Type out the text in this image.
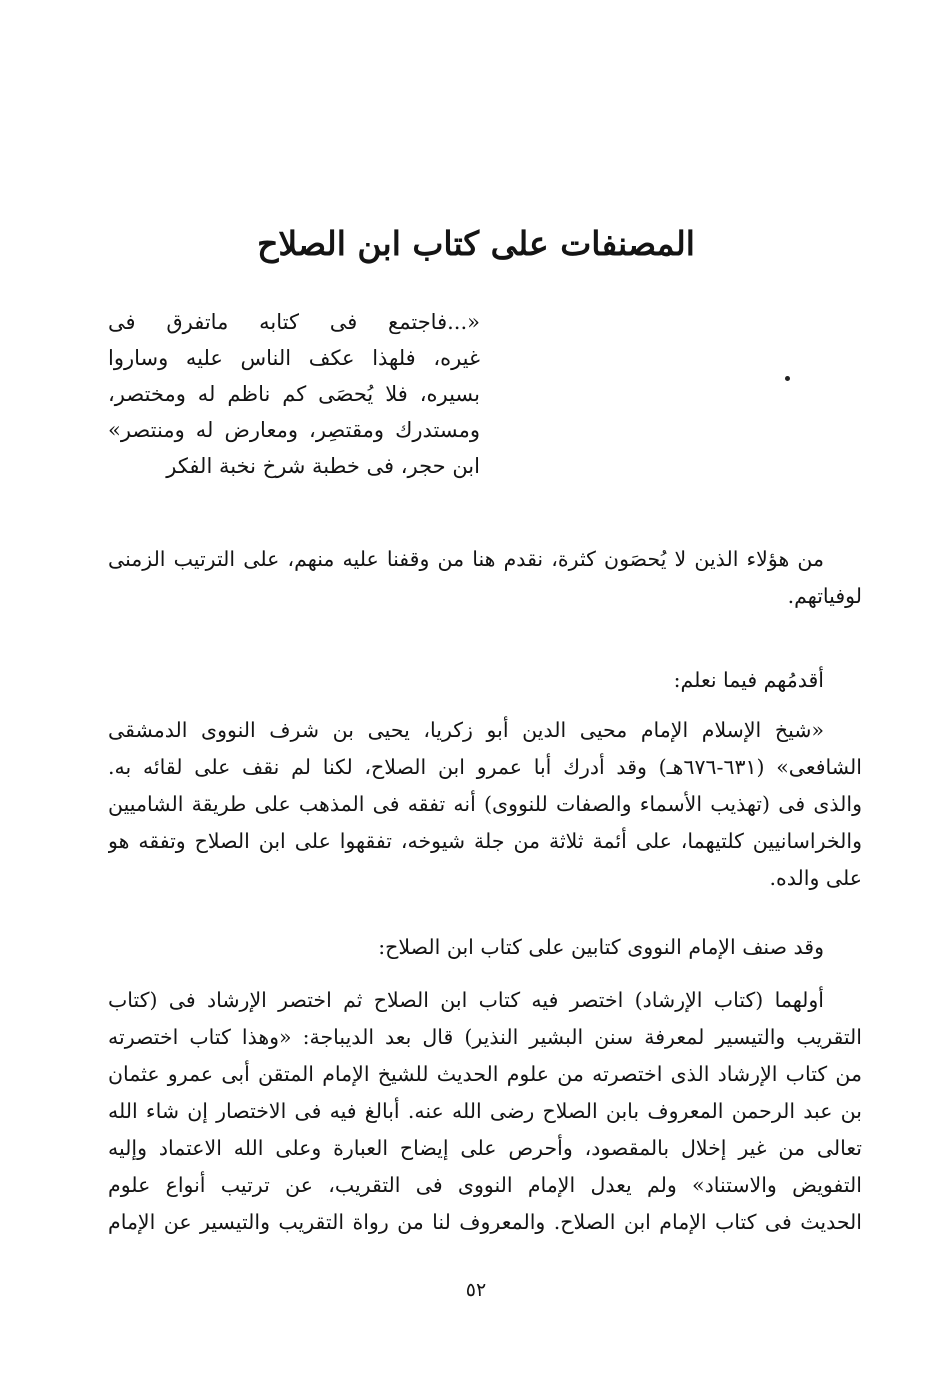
المصنفات على كتاب ابن الصلاح
«...فاجتمع فى كتابه ماتفرق فى
غيره، فلهذا عكف الناس عليه وساروا
بسيره، فلا يُحصَى كم ناظم له ومختصر،
ومستدرك ومقتصِر، ومعارض له ومنتصر»
ابن حجر، فى خطبة شرخ نخبة الفكر
من هؤلاء الذين لا يُحصَون كثرة، نقدم هنا من وقفنا عليه منهم، على الترتيب الزمنى
لوفياتهم.
أقدمُهم فيما نعلم:
«شيخ الإسلام الإمام محيى الدين أبو زكريا، يحيى بن شرف النووى الدمشقى
الشافعى» (٦٣١-٦٧٦هـ) وقد أدرك أبا عمرو ابن الصلاح، لكنا لم نقف على لقائه به.
والذى فى (تهذيب الأسماء والصفات للنووى) أنه تفقه فى المذهب على طريقة الشاميين
والخراسانيين كلتيهما، على أئمة ثلاثة من جلة شيوخه، تفقهوا على ابن الصلاح وتفقه هو
على والده.
وقد صنف الإمام النووى كتابين على كتاب ابن الصلاح:
أولهما (كتاب الإرشاد) اختصر فيه كتاب ابن الصلاح ثم اختصر الإرشاد فى (كتاب
التقريب والتيسير لمعرفة سنن البشير النذير) قال بعد الديباجة: «وهذا كتاب اختصرته
من كتاب الإرشاد الذى اختصرته من علوم الحديث للشيخ الإمام المتقن أبى عمرو عثمان
بن عبد الرحمن المعروف بابن الصلاح رضى الله عنه. أبالغ فيه فى الاختصار إن شاء الله
تعالى من غير إخلال بالمقصود، وأحرص على إيضاح العبارة وعلى الله الاعتماد وإليه
التفويض والاستناد» ولم يعدل الإمام النووى فى التقريب، عن ترتيب أنواع علوم
الحديث فى كتاب الإمام ابن الصلاح. والمعروف لنا من رواة التقريب والتيسير عن الإمام
٥٢
